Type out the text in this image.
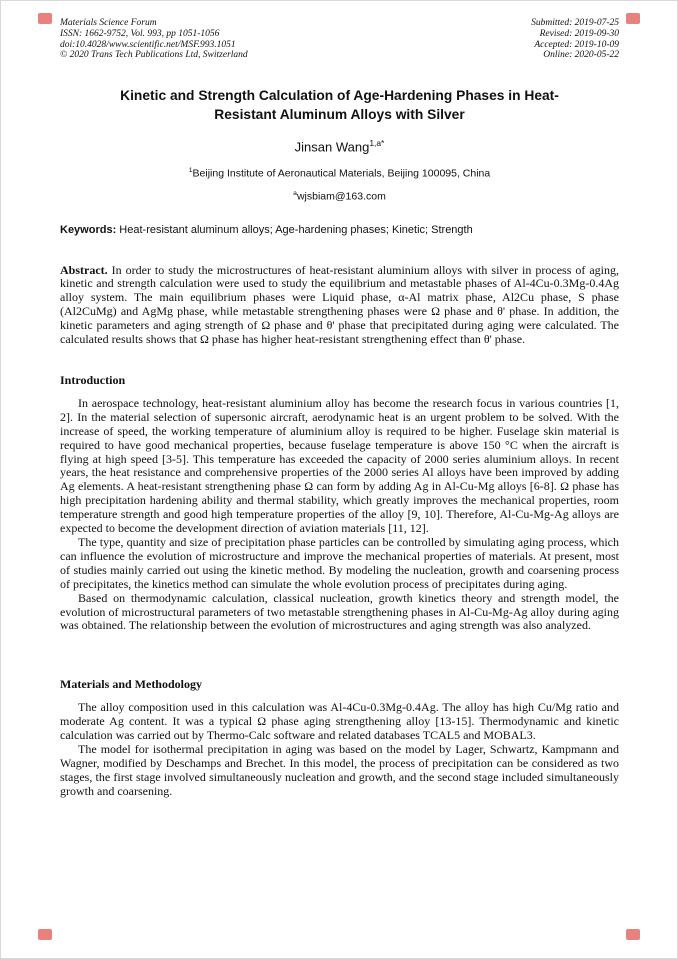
Materials Science Forum
ISSN: 1662-9752, Vol. 993, pp 1051-1056
doi:10.4028/www.scientific.net/MSF.993.1051
© 2020 Trans Tech Publications Ltd, Switzerland
Submitted: 2019-07-25
Revised: 2019-09-30
Accepted: 2019-10-09
Online: 2020-05-22
Kinetic and Strength Calculation of Age-Hardening Phases in Heat-Resistant Aluminum Alloys with Silver
Jinsan Wang$^{1,a*}$
$^1$Beijing Institute of Aeronautical Materials, Beijing 100095, China
$^a$wjsbiam@163.com
Keywords: Heat-resistant aluminum alloys; Age-hardening phases; Kinetic; Strength

Abstract. In order to study the microstructures of heat-resistant aluminium alloys with silver in process of aging, kinetic and strength calculation were used to study the equilibrium and metastable phases of Al-4Cu-0.3Mg-0.4Ag alloy system. The main equilibrium phases were Liquid phase, α-Al matrix phase, Al2Cu phase, S phase (Al2CuMg) and AgMg phase, while metastable strengthening phases were Ω phase and θ' phase. In addition, the kinetic parameters and aging strength of Ω phase and θ' phase that precipitated during aging were calculated. The calculated results shows that Ω phase has higher heat-resistant strengthening effect than θ' phase.

Introduction

In aerospace technology, heat-resistant aluminium alloy has become the research focus in various countries [1, 2]. In the material selection of supersonic aircraft, aerodynamic heat is an urgent problem to be solved. With the increase of speed, the working temperature of aluminium alloy is required to be higher. Fuselage skin material is required to have good mechanical properties, because fuselage temperature is above 150 °C when the aircraft is flying at high speed [3-5]. This temperature has exceeded the capacity of 2000 series aluminium alloys. In recent years, the heat resistance and comprehensive properties of the 2000 series Al alloys have been improved by adding Ag elements. A heat-resistant strengthening phase Ω can form by adding Ag in Al-Cu-Mg alloys [6-8]. Ω phase has high precipitation hardening ability and thermal stability, which greatly improves the mechanical properties, room temperature strength and good high temperature properties of the alloy [9, 10]. Therefore, Al-Cu-Mg-Ag alloys are expected to become the development direction of aviation materials [11, 12].

The type, quantity and size of precipitation phase particles can be controlled by simulating aging process, which can influence the evolution of microstructure and improve the mechanical properties of materials. At present, most of studies mainly carried out using the kinetic method. By modeling the nucleation, growth and coarsening process of precipitates, the kinetics method can simulate the whole evolution process of precipitates during aging.

Based on thermodynamic calculation, classical nucleation, growth kinetics theory and strength model, the evolution of microstructural parameters of two metastable strengthening phases in Al-Cu-Mg-Ag alloy during aging was obtained. The relationship between the evolution of microstructures and aging strength was also analyzed.

Materials and Methodology

The alloy composition used in this calculation was Al-4Cu-0.3Mg-0.4Ag. The alloy has high Cu/Mg ratio and moderate Ag content. It was a typical Ω phase aging strengthening alloy [13-15]. Thermodynamic and kinetic calculation was carried out by Thermo-Calc software and related databases TCAL5 and MOBAL3.

The model for isothermal precipitation in aging was based on the model by Lager, Schwartz, Kampmann and Wagner, modified by Deschamps and Brechet. In this model, the process of precipitation can be considered as two stages, the first stage involved simultaneously nucleation and growth, and the second stage included simultaneously growth and coarsening.
